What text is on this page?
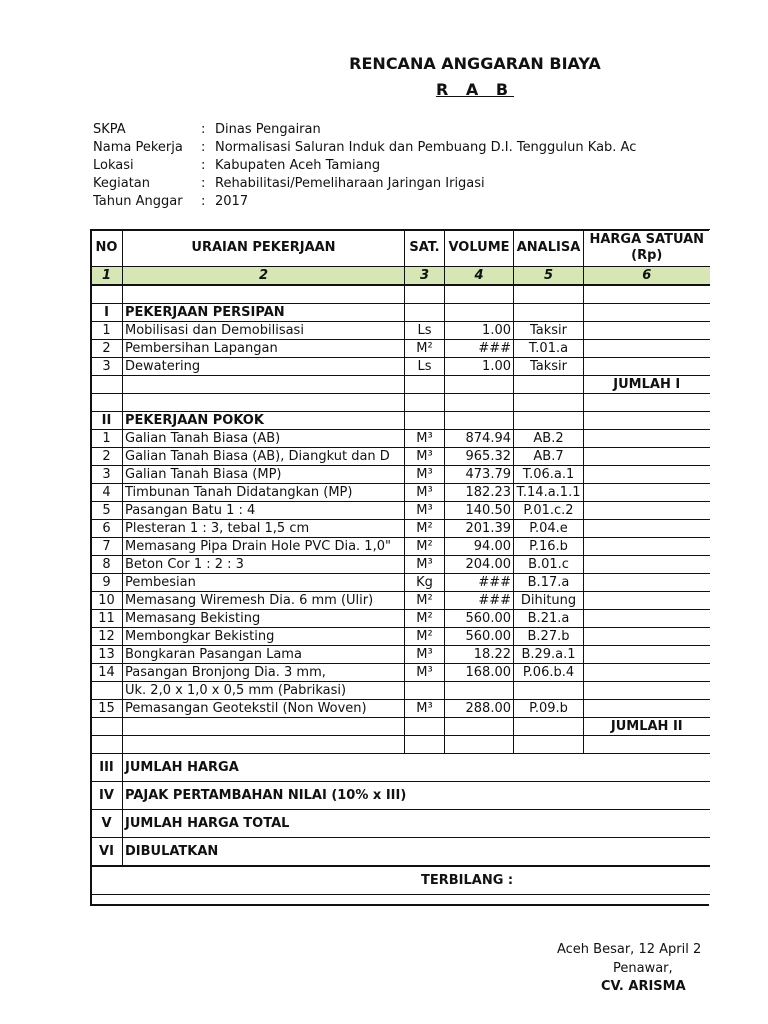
RENCANA ANGGARAN BIAYA
R A B
SKPA	: Dinas Pengairan
Nama Pekerja : Normalisasi Saluran Induk dan Pembuang D.I. Tenggulun Kab. Ac
Lokasi	: Kabupaten Aceh Tamiang
Kegiatan	: Rehabilitasi/Pemeliharaan Jaringan Irigasi
Tahun Anggar : 2017
NO	URAIAN PEKERJAAN	SAT.	VOLUME	ANALISA	HARGA SATUAN (Rp)
1	2	3	4	5	6

I	PEKERJAAN PERSIPAN				
1	Mobilisasi dan Demobilisasi	Ls	1.00	Taksir	
2	Pembersihan Lapangan	M²	###	T.01.a	
3	Dewatering	Ls	1.00	Taksir	
					JUMLAH I

II	PEKERJAAN POKOK				
1	Galian Tanah Biasa (AB)	M³	874.94	AB.2	
2	Galian Tanah Biasa (AB), Diangkut dan D	M³	965.32	AB.7	
3	Galian Tanah Biasa (MP)	M³	473.79	T.06.a.1	
4	Timbunan Tanah Didatangkan (MP)	M³	182.23	T.14.a.1.1	
5	Pasangan Batu 1 : 4	M³	140.50	P.01.c.2	
6	Plesteran 1 : 3, tebal 1,5 cm	M²	201.39	P.04.e	
7	Memasang Pipa Drain Hole PVC Dia. 1,0"	M²	94.00	P.16.b	
8	Beton Cor 1 : 2 : 3	M³	204.00	B.01.c	
9	Pembesian	Kg	###	B.17.a	
10	Memasang Wiremesh Dia. 6 mm (Ulir)	M²	###	Dihitung	
11	Memasang Bekisting	M²	560.00	B.21.a	
12	Membongkar Bekisting	M²	560.00	B.27.b	
13	Bongkaran Pasangan Lama	M³	18.22	B.29.a.1	
14	Pasangan Bronjong Dia. 3 mm,	M³	168.00	P.06.b.4	
	Uk. 2,0 x 1,0 x 0,5 mm (Pabrikasi)				
15	Pemasangan Geotekstil (Non Woven)	M³	288.00	P.09.b	
					JUMLAH II

III	JUMLAH HARGA				
IV	PAJAK PERTAMBAHAN NILAI (10% x III)				
V	JUMLAH HARGA TOTAL				
VI	DIBULATKAN				
TERBILANG :					
Aceh Besar, 12 April 2
Penawar,
CV. ARISMA
